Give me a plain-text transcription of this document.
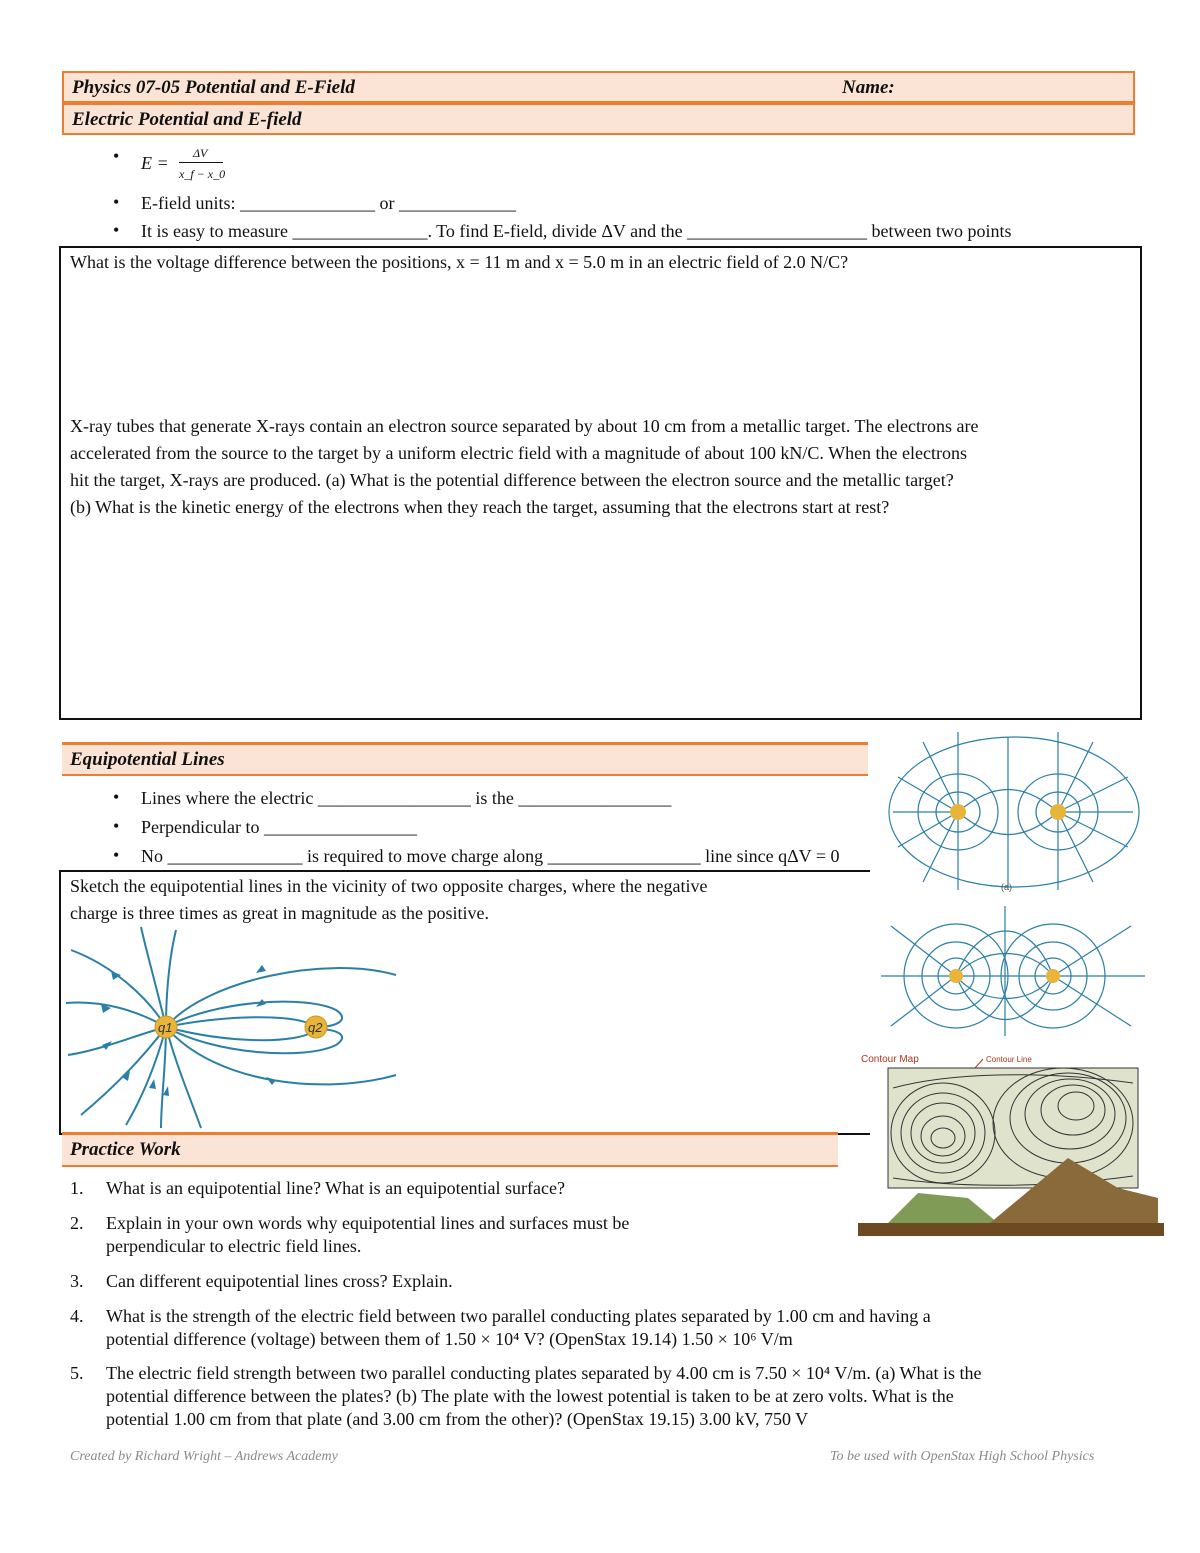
Physics 07-05 Potential and E-Field	Name:
Electric Potential and E-field
• E = ΔV
x_f − x_0
• E-field units: _______________ or _____________
• It is easy to measure _______________. To find E-field, divide ΔV and the ____________________ between two points
What is the voltage difference between the positions, x = 11 m and x = 5.0 m in an electric field of 2.0 N/C?
X-ray tubes that generate X-rays contain an electron source separated by about 10 cm from a metallic target. The electrons are
accelerated from the source to the target by a uniform electric field with a magnitude of about 100 kN/C. When the electrons
hit the target, X-rays are produced. (a) What is the potential difference between the electron source and the metallic target?
(b) What is the kinetic energy of the electrons when they reach the target, assuming that the electrons start at rest?
Equipotential Lines
• Lines where the electric _________________ is the _________________
• Perpendicular to _________________
• No _______________ is required to move charge along _________________ line since qΔV = 0
Sketch the equipotential lines in the vicinity of two opposite charges, where the negative
charge is three times as great in magnitude as the positive.
q1	q2
(a)
Contour Map	Contour Line
Practice Work
1. What is an equipotential line? What is an equipotential surface?
2. Explain in your own words why equipotential lines and surfaces must be
perpendicular to electric field lines.
3. Can different equipotential lines cross? Explain.
4. What is the strength of the electric field between two parallel conducting plates separated by 1.00 cm and having a
potential difference (voltage) between them of 1.50 × 10⁴ V? (OpenStax 19.14) 1.50 × 10⁶ V/m
5. The electric field strength between two parallel conducting plates separated by 4.00 cm is 7.50 × 10⁴ V/m. (a) What is the
potential difference between the plates? (b) The plate with the lowest potential is taken to be at zero volts. What is the
potential 1.00 cm from that plate (and 3.00 cm from the other)? (OpenStax 19.15) 3.00 kV, 750 V
Created by Richard Wright – Andrews Academy	To be used with OpenStax High School Physics
